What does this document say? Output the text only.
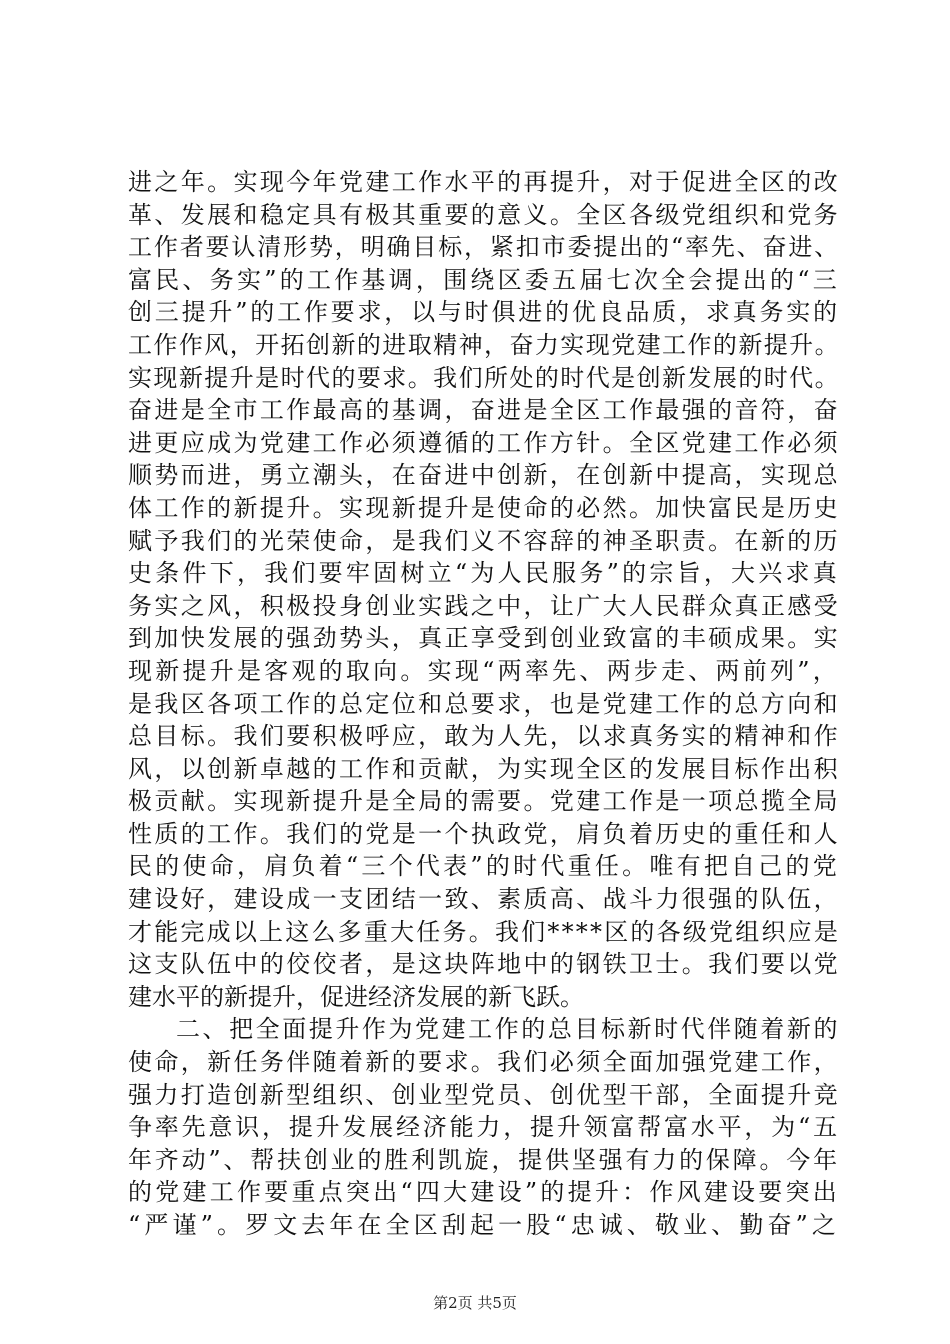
进之年。实现今年党建工作水平的再提升，对于促进全区的改
革、发展和稳定具有极其重要的意义。全区各级党组织和党务
工作者要认清形势，明确目标，紧扣市委提出的“率先、奋进、
富民、务实”的工作基调，围绕区委五届七次全会提出的“三
创三提升”的工作要求，以与时俱进的优良品质，求真务实的
工作作风，开拓创新的进取精神，奋力实现党建工作的新提升。
实现新提升是时代的要求。我们所处的时代是创新发展的时代。
奋进是全市工作最高的基调，奋进是全区工作最强的音符，奋
进更应成为党建工作必须遵循的工作方针。全区党建工作必须
顺势而进，勇立潮头，在奋进中创新，在创新中提高，实现总
体工作的新提升。实现新提升是使命的必然。加快富民是历史
赋予我们的光荣使命，是我们义不容辞的神圣职责。在新的历
史条件下，我们要牢固树立“为人民服务”的宗旨，大兴求真
务实之风，积极投身创业实践之中，让广大人民群众真正感受
到加快发展的强劲势头，真正享受到创业致富的丰硕成果。实
现新提升是客观的取向。实现“两率先、两步走、两前列”，
是我区各项工作的总定位和总要求，也是党建工作的总方向和
总目标。我们要积极呼应，敢为人先，以求真务实的精神和作
风，以创新卓越的工作和贡献，为实现全区的发展目标作出积
极贡献。实现新提升是全局的需要。党建工作是一项总揽全局
性质的工作。我们的党是一个执政党，肩负着历史的重任和人
民的使命，肩负着“三个代表”的时代重任。唯有把自己的党
建设好，建设成一支团结一致、素质高、战斗力很强的队伍，
才能完成以上这么多重大任务。我们****区的各级党组织应是
这支队伍中的佼佼者，是这块阵地中的钢铁卫士。我们要以党
建水平的新提升，促进经济发展的新飞跃。
二、把全面提升作为党建工作的总目标新时代伴随着新的
使命，新任务伴随着新的要求。我们必须全面加强党建工作，
强力打造创新型组织、创业型党员、创优型干部，全面提升竞
争率先意识，提升发展经济能力，提升领富帮富水平，为“五
年齐动”、帮扶创业的胜利凯旋，提供坚强有力的保障。今年
的党建工作要重点突出“四大建设”的提升：作风建设要突出
“严谨”。罗文去年在全区刮起一股“忠诚、敬业、勤奋”之
第2页 共5页
